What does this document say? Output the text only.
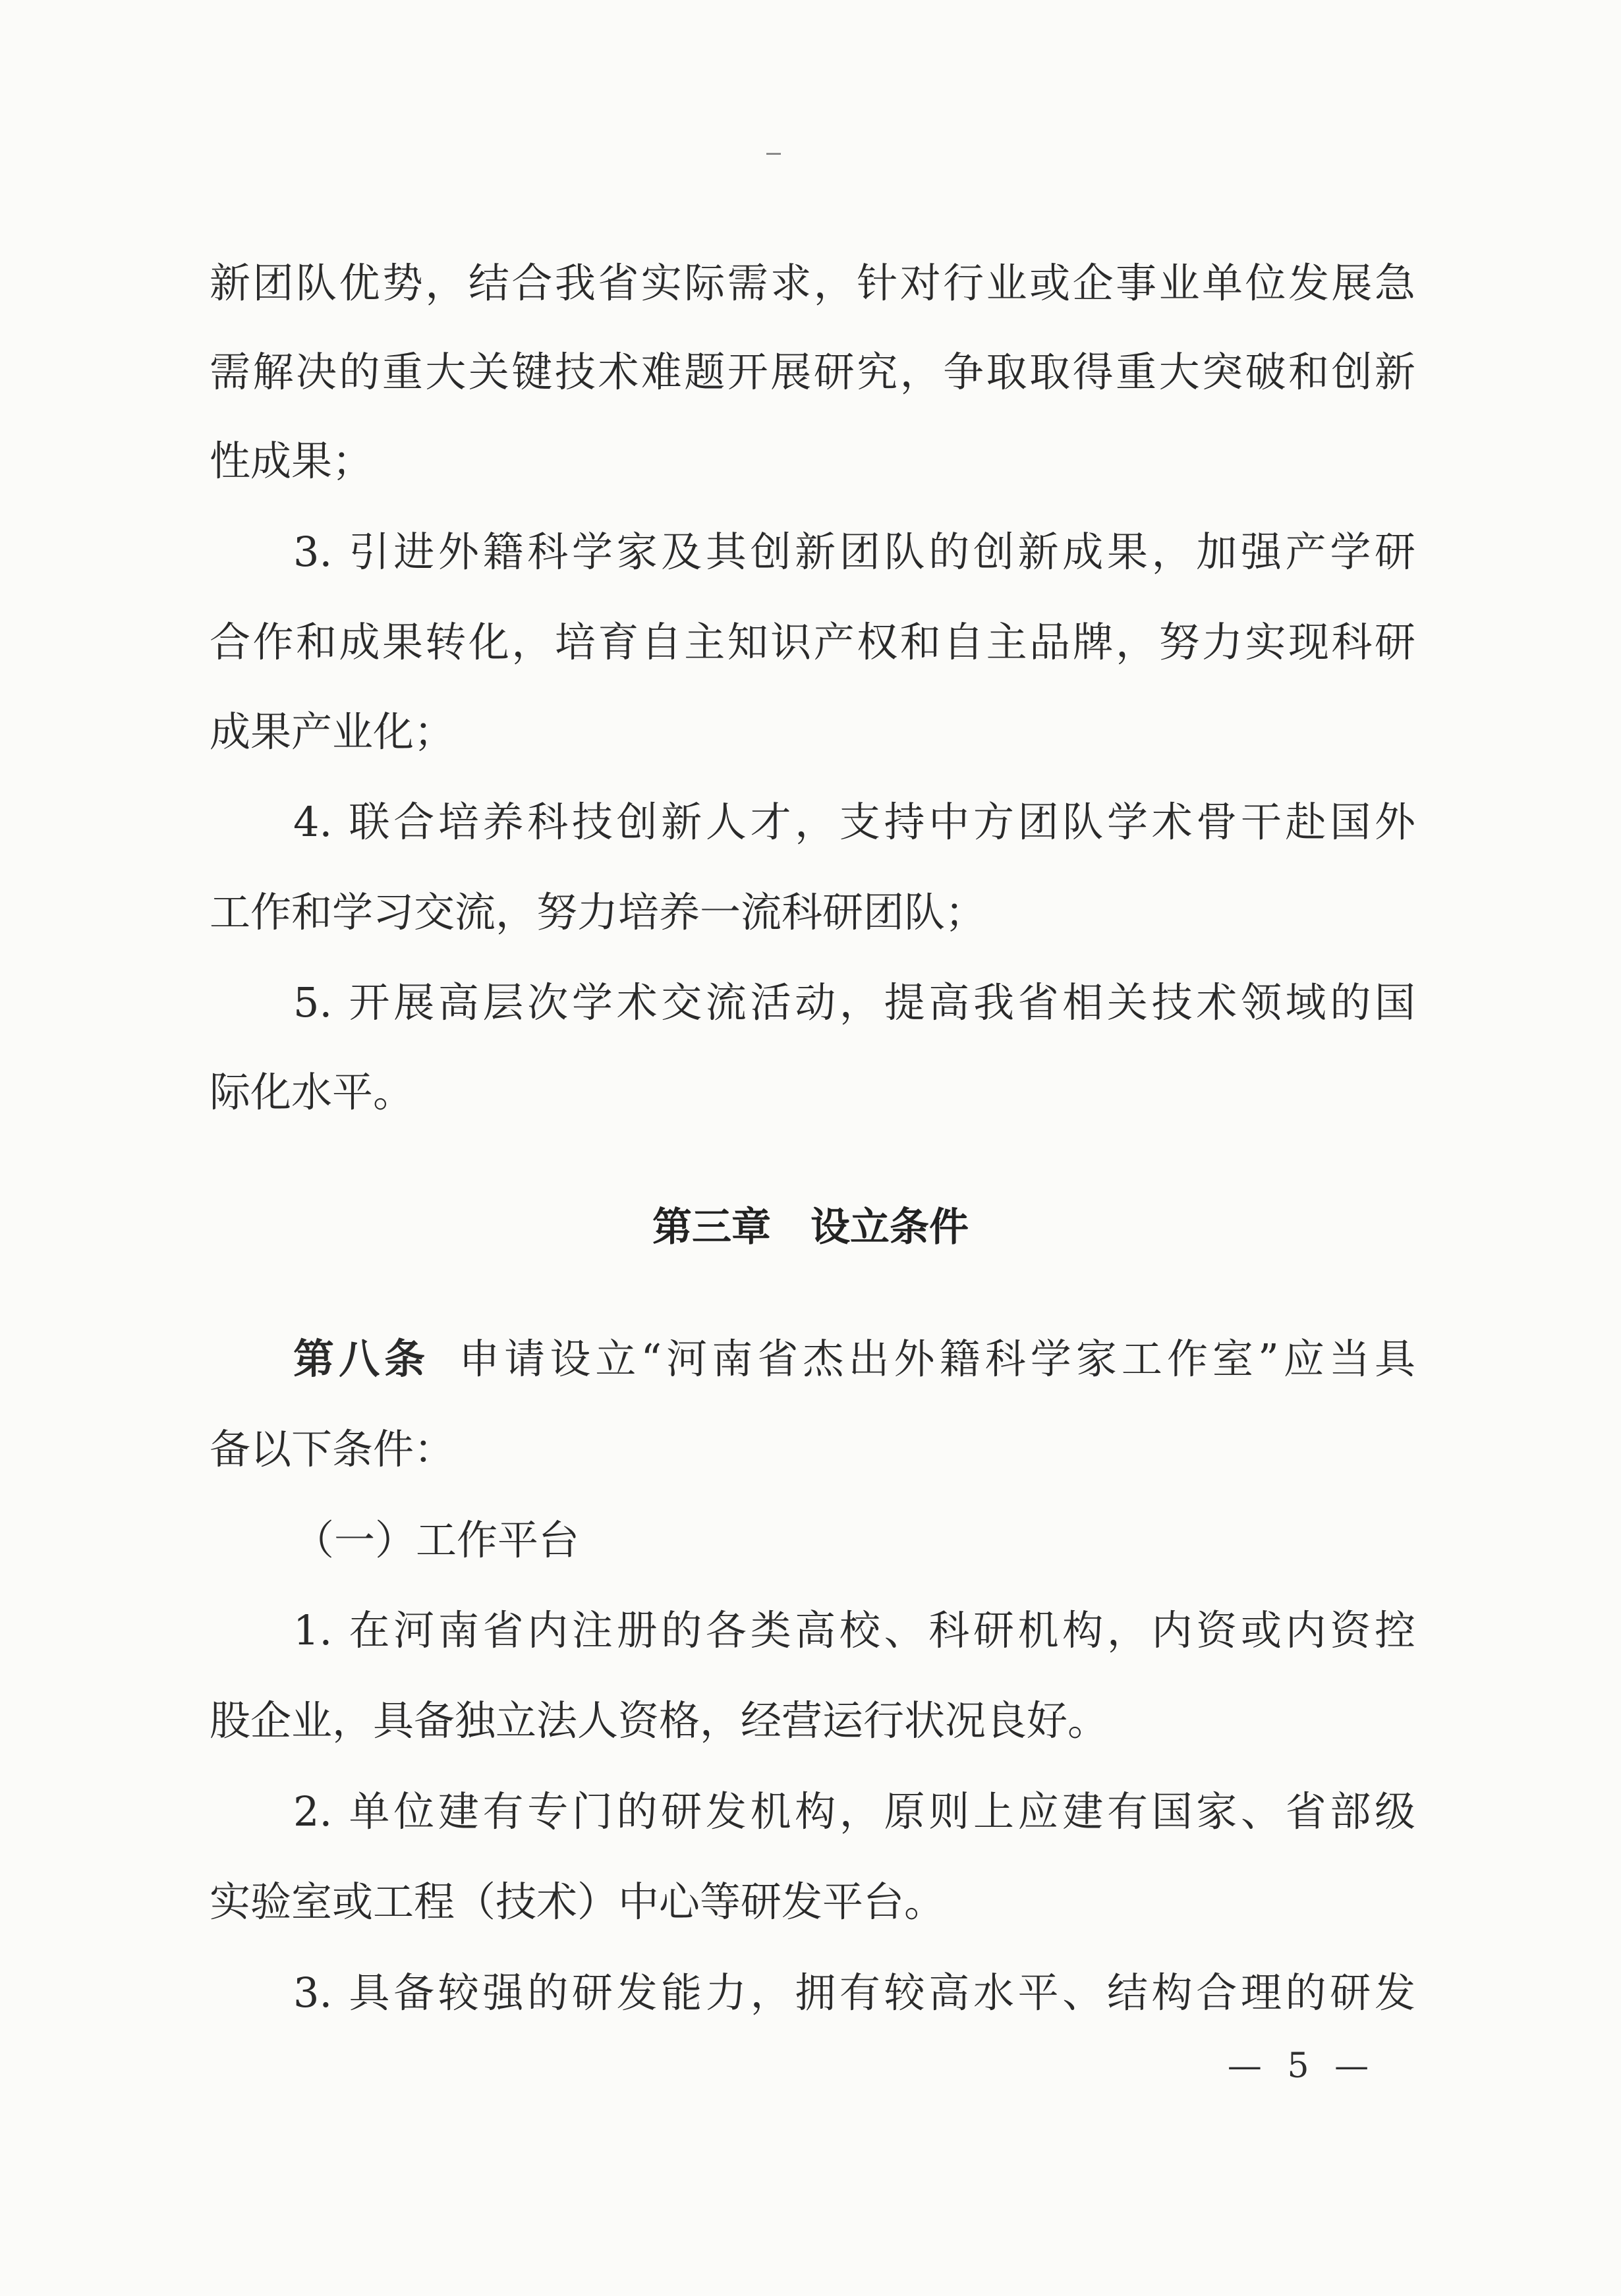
新团队优势，结合我省实际需求，针对行业或企事业单位发展急
需解决的重大关键技术难题开展研究，争取取得重大突破和创新
性成果；
3. 引进外籍科学家及其创新团队的创新成果，加强产学研
合作和成果转化，培育自主知识产权和自主品牌，努力实现科研
成果产业化；
4. 联合培养科技创新人才，支持中方团队学术骨干赴国外
工作和学习交流，努力培养一流科研团队；
5. 开展高层次学术交流活动，提高我省相关技术领域的国
际化水平。
第三章　设立条件
第八条 申请设立“河南省杰出外籍科学家工作室”应当具
备以下条件：
（一）工作平台
1. 在河南省内注册的各类高校、科研机构，内资或内资控
股企业，具备独立法人资格，经营运行状况良好。
2. 单位建有专门的研发机构，原则上应建有国家、省部级
实验室或工程（技术）中心等研发平台。
3. 具备较强的研发能力，拥有较高水平、结构合理的研发
— 5 —
